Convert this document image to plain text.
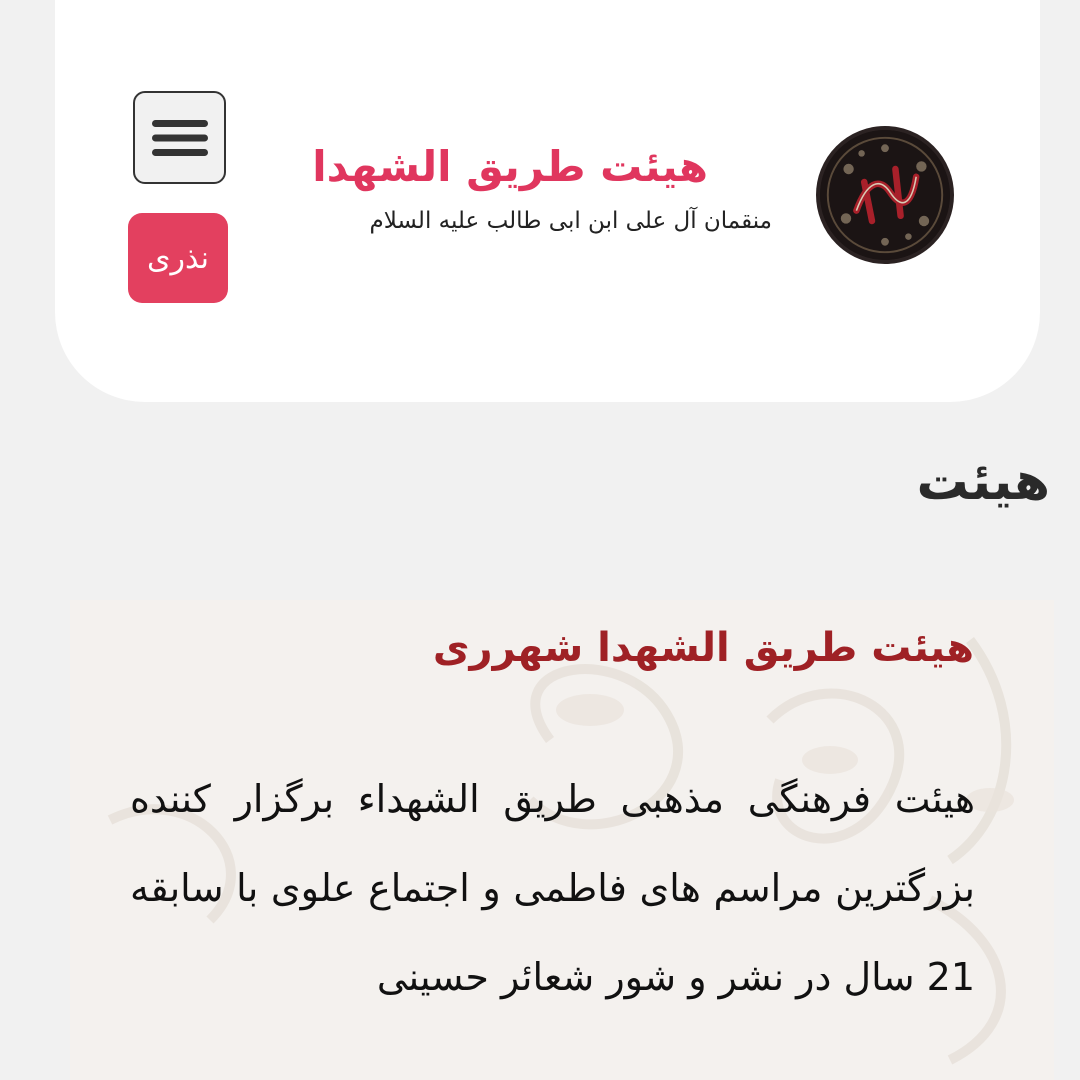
هیئت طریق الشهدا
منقمان آل علی ابن ابی طالب علیه السلام
نذری
هیئت
هیئت طریق الشهدا شهرری

هیئت فرهنگی مذهبی طریق الشهداء برگزار کننده بزرگترین مراسم های فاطمی و اجتماع علوی با سابقه 21 سال در نشر و شور شعائر حسینی
